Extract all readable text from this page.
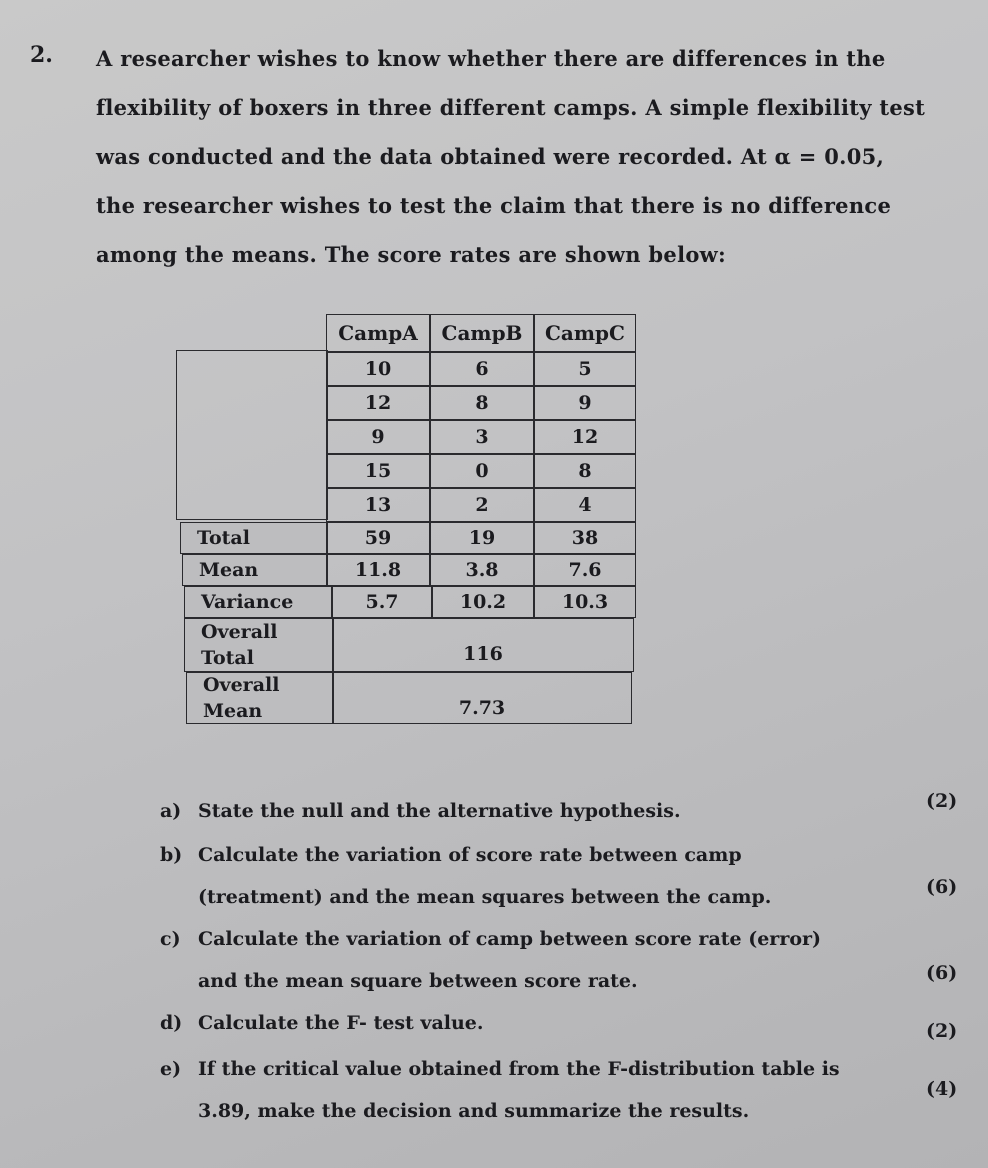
2. A researcher wishes to know whether there are differences in the
flexibility of boxers in three different camps. A simple flexibility test
was conducted and the data obtained were recorded. At α = 0.05,
the researcher wishes to test the claim that there is no difference
among the means. The score rates are shown below:
CampA	CampB	CampC
10	6	5
12	8	9
9	3	12
15	0	8
13	2	4
Total	59	19	38
Mean	11.8	3.8	7.6
Variance	5.7	10.2	10.3
Overall
Total	116
Overall
Mean	7.73
a) State the null and the alternative hypothesis.
b) Calculate the variation of score rate between camp
(treatment) and the mean squares between the camp.
c) Calculate the variation of camp between score rate (error)
and the mean square between score rate.
d) Calculate the F- test value.
e) If the critical value obtained from the F-distribution table is
3.89, make the decision and summarize the results.
(2)
(6)
(6)
(2)
(4)
